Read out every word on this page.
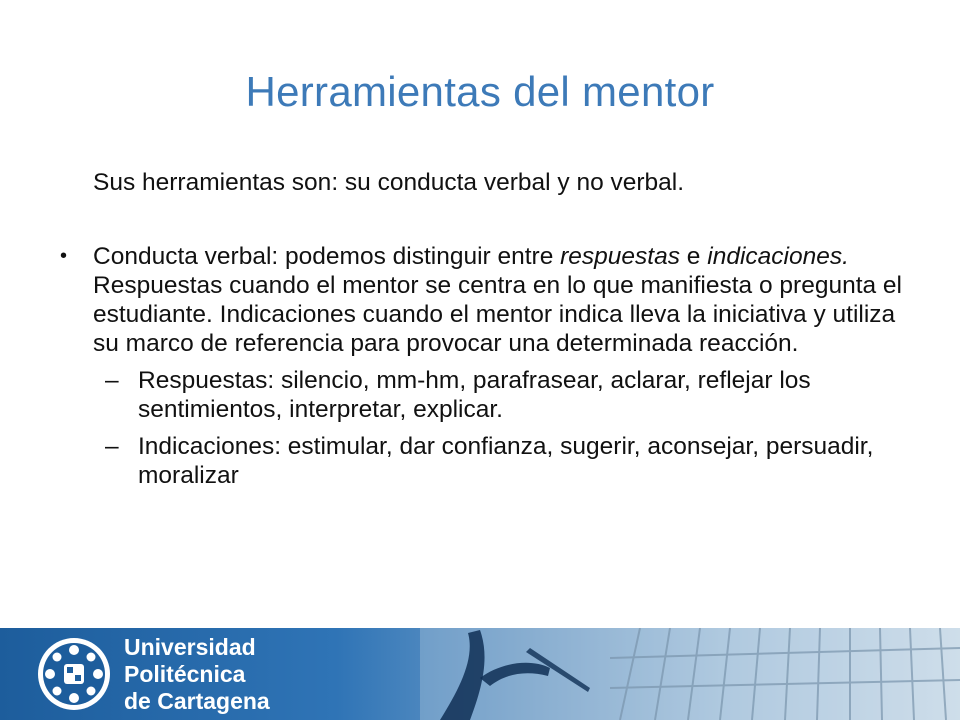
Herramientas del mentor
Sus herramientas son: su conducta verbal y no verbal.
•	Conducta verbal: podemos distinguir entre respuestas e indicaciones. Respuestas cuando el mentor se centra en lo que manifiesta o pregunta el estudiante. Indicaciones cuando el mentor indica lleva la iniciativa y utiliza su marco de referencia para provocar una determinada reacción.
– Respuestas: silencio, mm-hm, parafrasear, aclarar, reflejar los sentimientos, interpretar, explicar.
– Indicaciones: estimular, dar confianza, sugerir, aconsejar, persuadir, moralizar
Universidad
Politécnica
de Cartagena
